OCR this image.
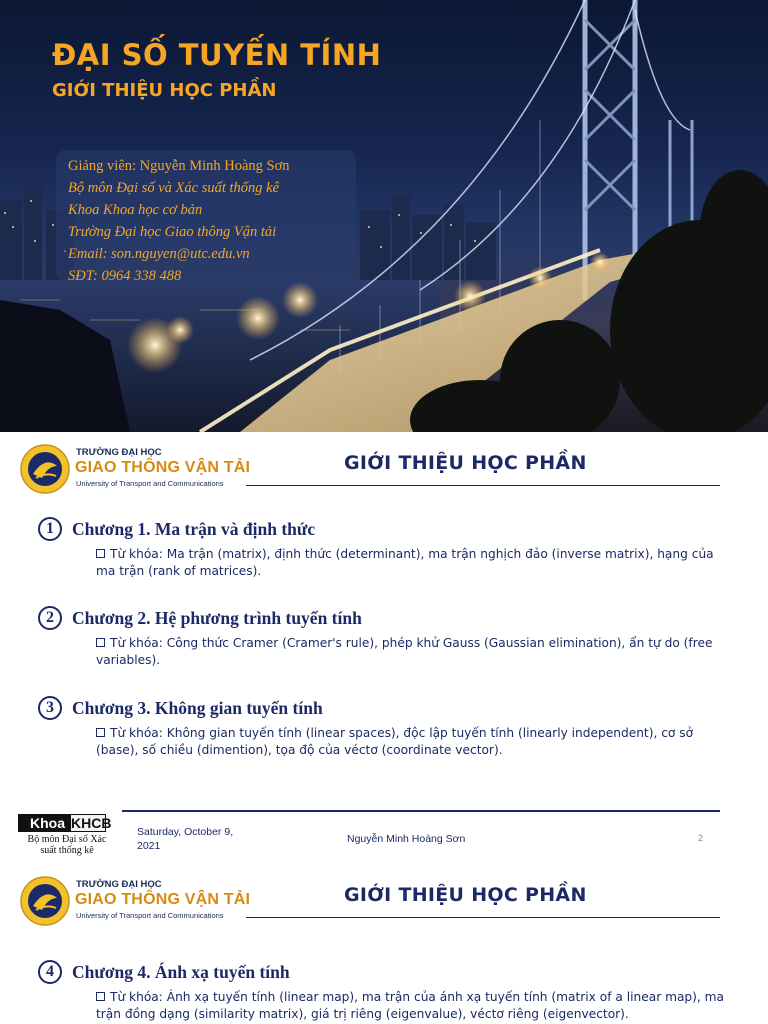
ĐẠI SỐ TUYẾN TÍNH
GIỚI THIỆU HỌC PHẦN
Giảng viên: Nguyễn Minh Hoàng Sơn
Bộ môn Đại số và Xác suất thống kê
Khoa Khoa học cơ bản
Trường Đại học Giao thông Vận tải
Email: son.nguyen@utc.edu.vn
SĐT: 0964 338 488
TRƯỜNG ĐẠI HỌC
GIAO THÔNG VẬN TẢI
University of Transport and Communications
GIỚI THIỆU HỌC PHẦN
1	Chương 1. Ma trận và định thức
Từ khóa: Ma trận (matrix), định thức (determinant), ma trận nghịch đảo (inverse matrix), hạng của ma trận (rank of matrices).
2	Chương 2. Hệ phương trình tuyến tính
Từ khóa: Công thức Cramer (Cramer's rule), phép khử Gauss (Gaussian elimination), ẩn tự do (free variables).
3	Chương 3. Không gian tuyến tính
Từ khóa: Không gian tuyến tính (linear spaces), độc lập tuyến tính (linearly independent), cơ sở (base), số chiều (dimention), tọa độ của véctơ (coordinate vector).
Khoa KHCB
Bộ môn Đại số Xác suất thống kê
Saturday, October 9, 2021
Nguyễn Minh Hoàng Sơn	2
TRƯỜNG ĐẠI HỌC
GIAO THÔNG VẬN TẢI
University of Transport and Communications
GIỚI THIỆU HỌC PHẦN
4	Chương 4. Ánh xạ tuyến tính
Từ khóa: Ánh xạ tuyến tính (linear map), ma trận của ánh xạ tuyến tính (matrix of a linear map), ma trận đồng dạng (similarity matrix), giá trị riêng (eigenvalue), véctơ riêng (eigenvector).
